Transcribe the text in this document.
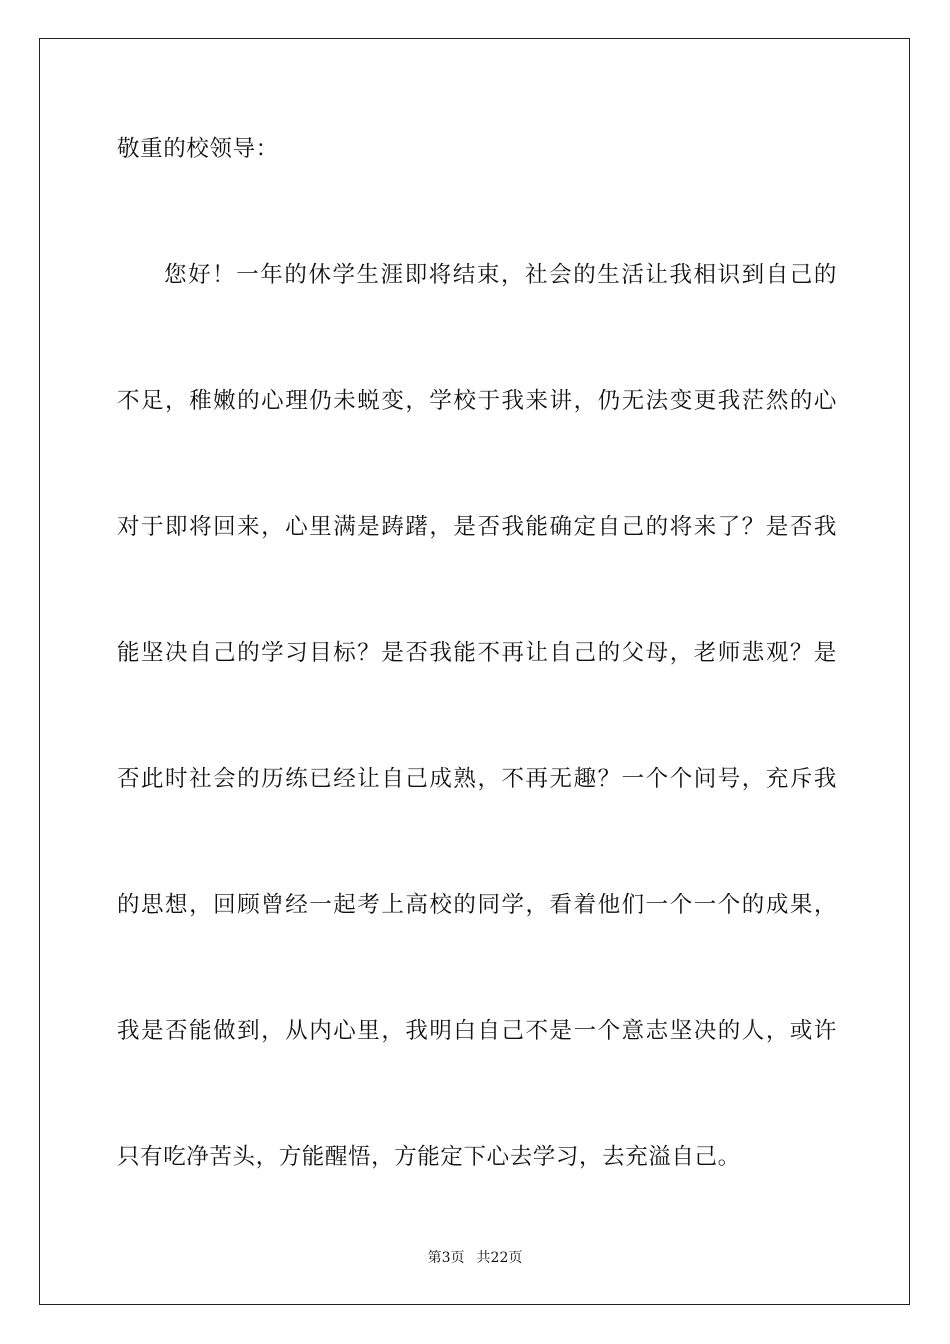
敬重的校领导：
您好！一年的休学生涯即将结束，社会的生活让我相识到自己的
不足，稚嫩的心理仍未蜕变，学校于我来讲，仍无法变更我茫然的心
对于即将回来，心里满是踌躇，是否我能确定自己的将来了？是否我
能坚决自己的学习目标？是否我能不再让自己的父母，老师悲观？是
否此时社会的历练已经让自己成熟，不再无趣？一个个问号，充斥我
的思想，回顾曾经一起考上高校的同学，看着他们一个一个的成果，
我是否能做到，从内心里，我明白自己不是一个意志坚决的人，或许
只有吃净苦头，方能醒悟，方能定下心去学习，去充溢自己。
第3页 共22页
